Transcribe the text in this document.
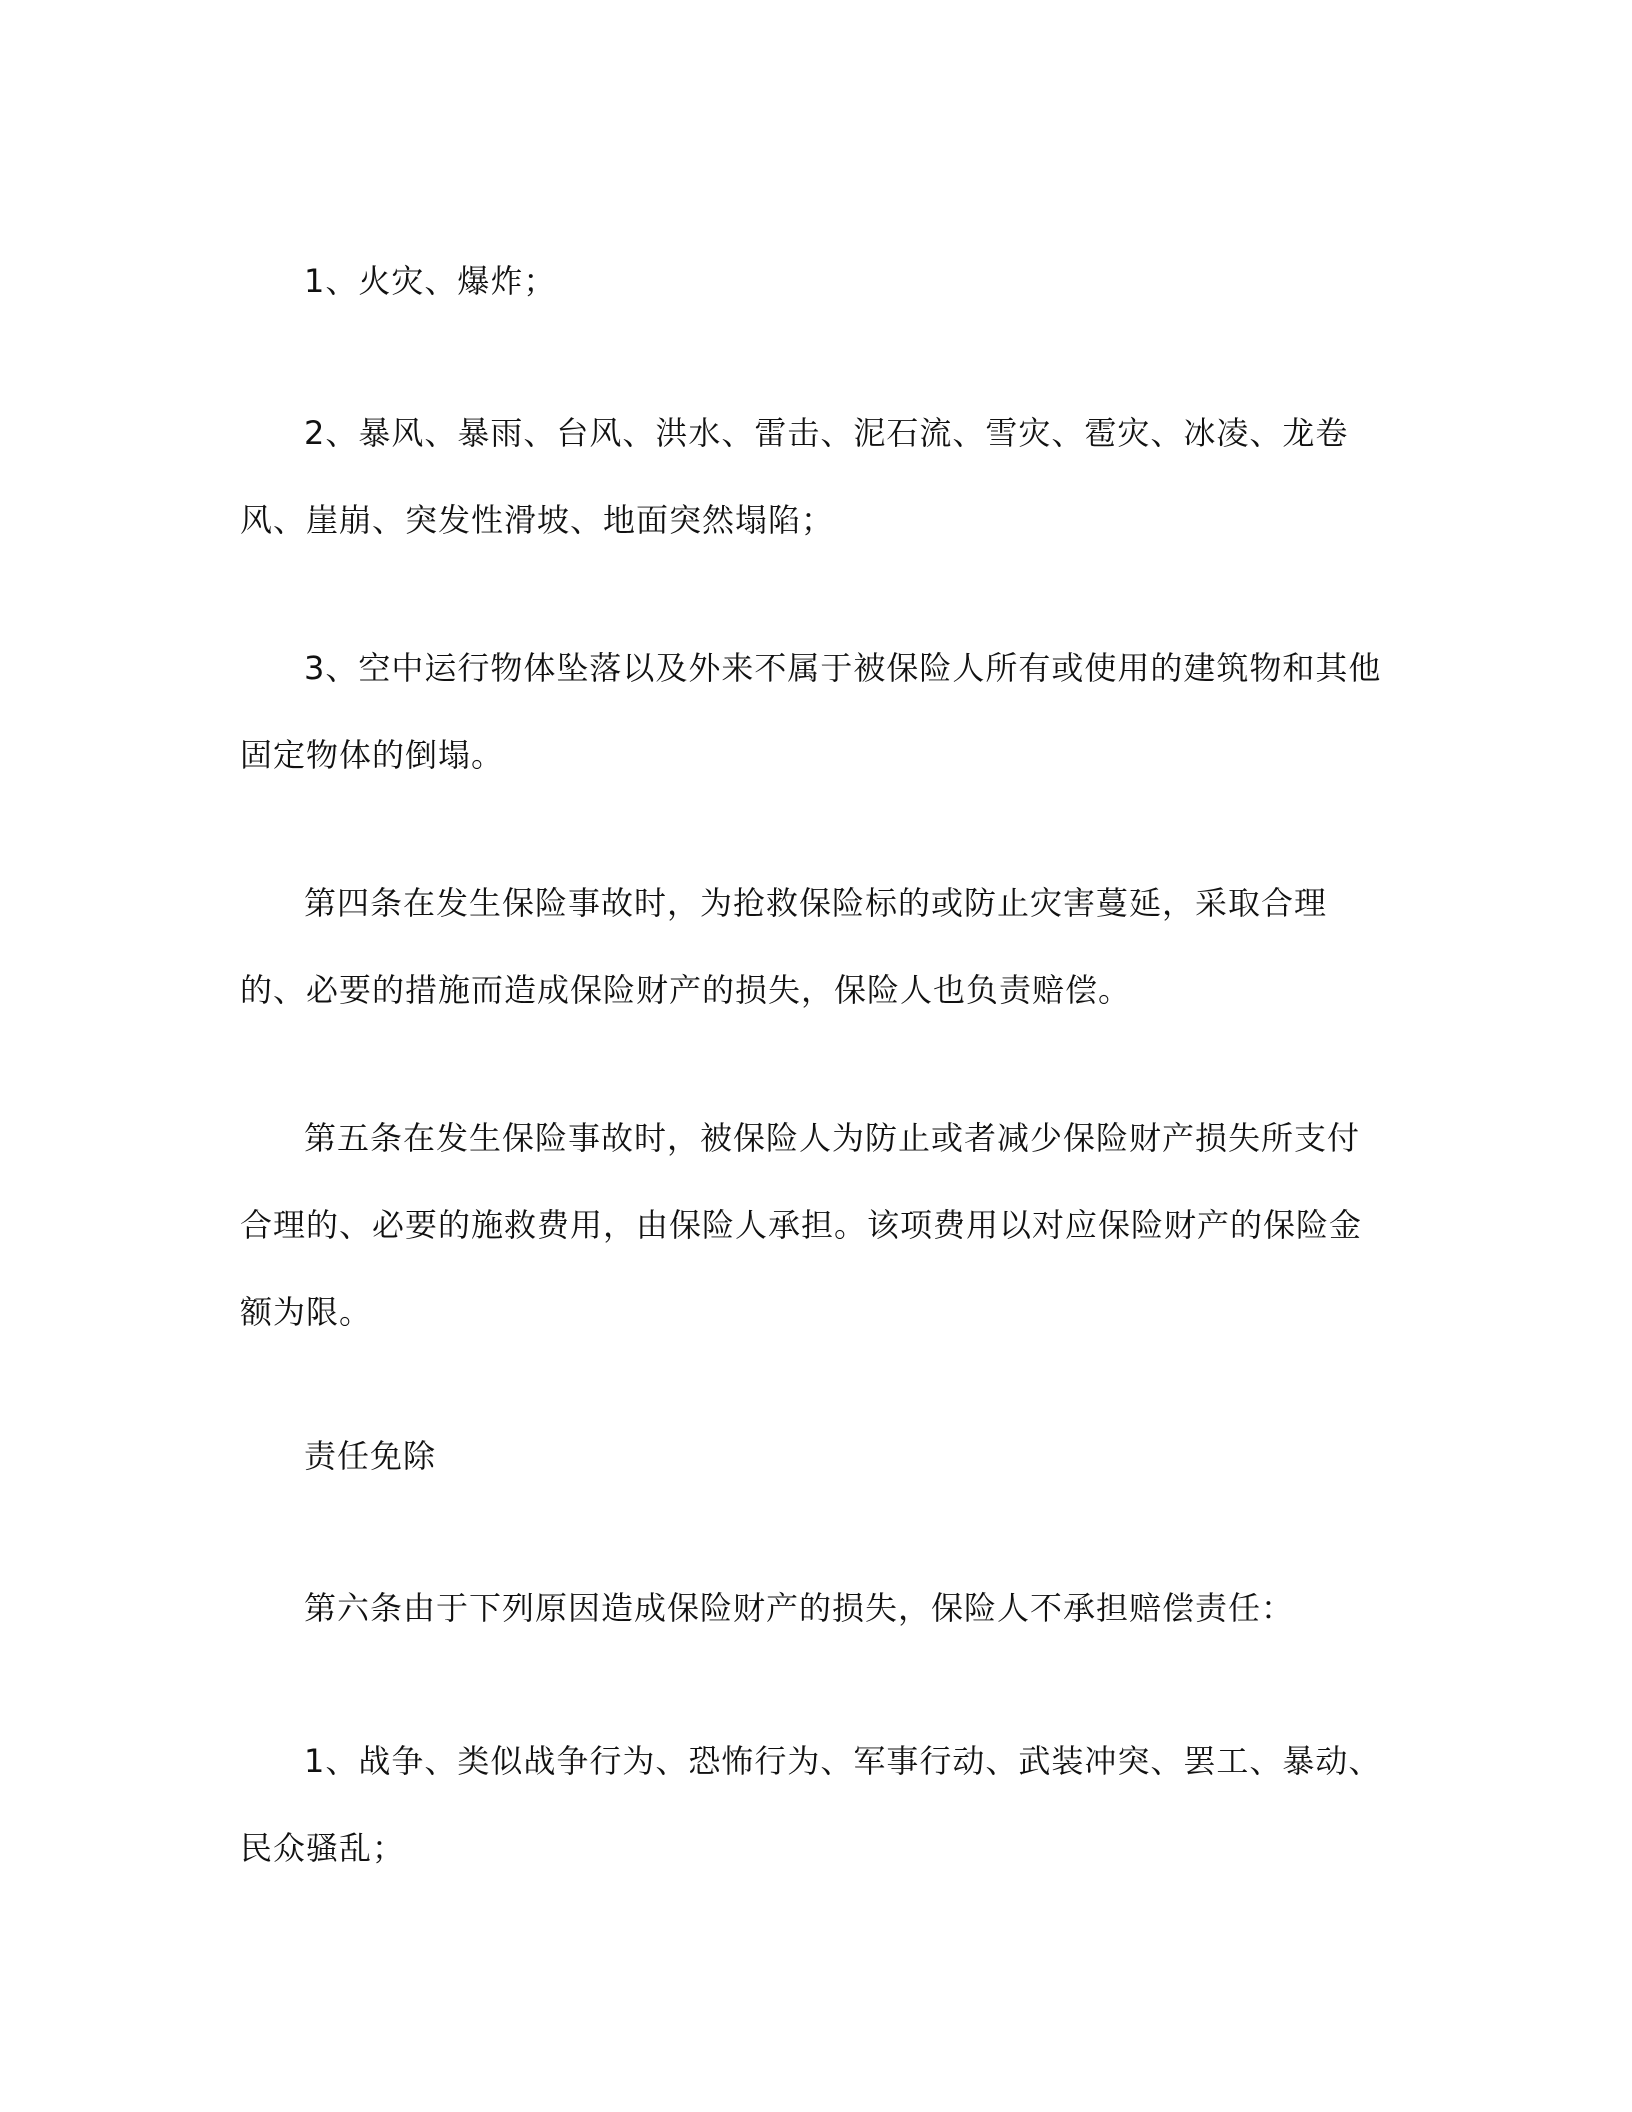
1、火灾、爆炸；

2、暴风、暴雨、台风、洪水、雷击、泥石流、雪灾、雹灾、冰凌、龙卷风、崖崩、突发性滑坡、地面突然塌陷；

3、空中运行物体坠落以及外来不属于被保险人所有或使用的建筑物和其他固定物体的倒塌。

第四条在发生保险事故时，为抢救保险标的或防止灾害蔓延，采取合理的、必要的措施而造成保险财产的损失，保险人也负责赔偿。

第五条在发生保险事故时，被保险人为防止或者减少保险财产损失所支付合理的、必要的施救费用，由保险人承担。该项费用以对应保险财产的保险金额为限。

责任免除

第六条由于下列原因造成保险财产的损失，保险人不承担赔偿责任：

1、战争、类似战争行为、恐怖行为、军事行动、武装冲突、罢工、暴动、民众骚乱；
